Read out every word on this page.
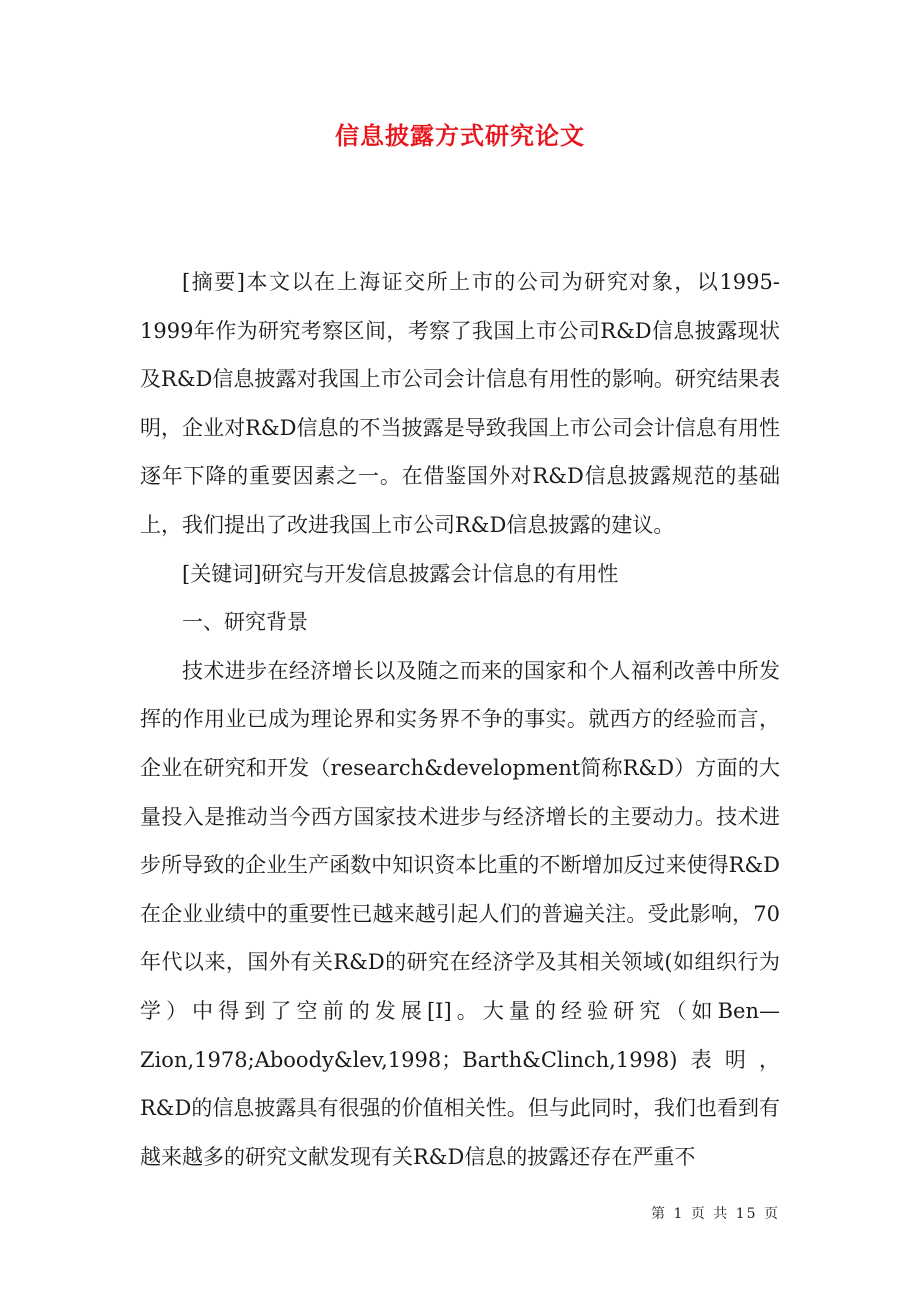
信息披露方式研究论文

[摘要]本文以在上海证交所上市的公司为研究对象，以1995-1999年作为研究考察区间，考察了我国上市公司R&D信息披露现状及R&D信息披露对我国上市公司会计信息有用性的影响。研究结果表明，企业对R&D信息的不当披露是导致我国上市公司会计信息有用性逐年下降的重要因素之一。在借鉴国外对R&D信息披露规范的基础上，我们提出了改进我国上市公司R&D信息披露的建议。

[关键词]研究与开发信息披露会计信息的有用性

一、研究背景

技术进步在经济增长以及随之而来的国家和个人福利改善中所发挥的作用业已成为理论界和实务界不争的事实。就西方的经验而言，企业在研究和开发（research&development简称R&D）方面的大量投入是推动当今西方国家技术进步与经济增长的主要动力。技术进步所导致的企业生产函数中知识资本比重的不断增加反过来使得R&D在企业业绩中的重要性已越来越引起人们的普遍关注。受此影响，70年代以来，国外有关R&D的研究在经济学及其相关领域(如组织行为学）中得到了空前的发展[I]。大量的经验研究（如Ben—Zion,1978;Aboody&lev,1998；Barth&Clinch,1998)表明，R&D的信息披露具有很强的价值相关性。但与此同时，我们也看到有越来越多的研究文献发现有关R&D信息的披露还存在严重不

第 1 页 共 15 页
